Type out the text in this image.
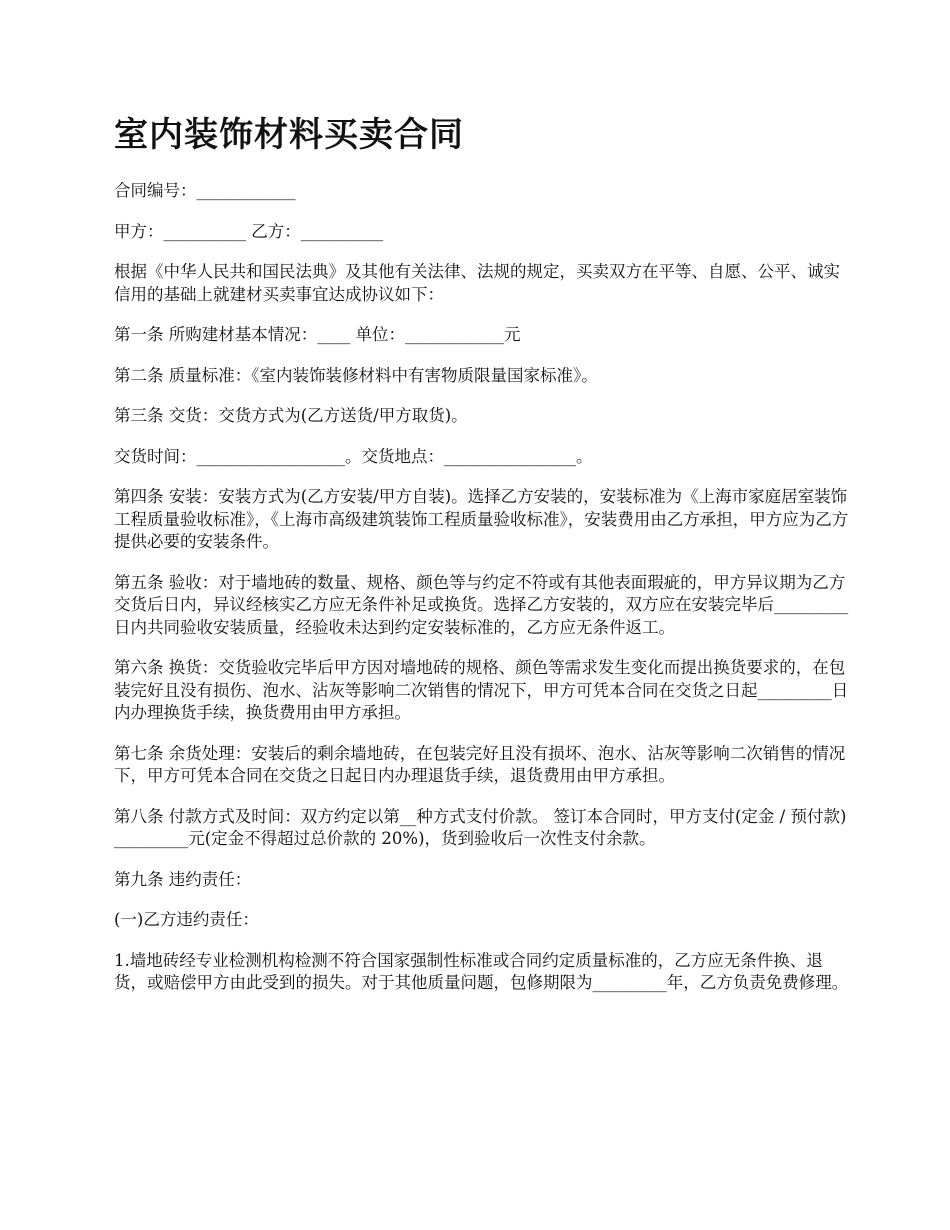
室内装饰材料买卖合同

合同编号：____________

甲方：__________ 乙方：__________

根据《中华人民共和国民法典》及其他有关法律、法规的规定，买卖双方在平等、自愿、公平、诚实信用的基础上就建材买卖事宜达成协议如下：

第一条 所购建材基本情况：____ 单位：____________元

第二条 质量标准：《室内装饰装修材料中有害物质限量国家标准》。

第三条 交货：交货方式为(乙方送货/甲方取货)。

交货时间：__________________。交货地点：________________。

第四条 安装：安装方式为(乙方安装/甲方自装)。选择乙方安装的，安装标准为《上海市家庭居室装饰工程质量验收标准》，《上海市高级建筑装饰工程质量验收标准》，安装费用由乙方承担，甲方应为乙方提供必要的安装条件。

第五条 验收：对于墙地砖的数量、规格、颜色等与约定不符或有其他表面瑕疵的，甲方异议期为乙方交货后日内，异议经核实乙方应无条件补足或换货。选择乙方安装的，双方应在安装完毕后_________日内共同验收安装质量，经验收未达到约定安装标准的，乙方应无条件返工。

第六条 换货：交货验收完毕后甲方因对墙地砖的规格、颜色等需求发生变化而提出换货要求的，在包装完好且没有损伤、泡水、沾灰等影响二次销售的情况下，甲方可凭本合同在交货之日起_________日内办理换货手续，换货费用由甲方承担。

第七条 余货处理：安装后的剩余墙地砖，在包装完好且没有损坏、泡水、沾灰等影响二次销售的情况下，甲方可凭本合同在交货之日起日内办理退货手续，退货费用由甲方承担。

第八条 付款方式及时间：双方约定以第__种方式支付价款。 签订本合同时，甲方支付(定金 / 预付款)_________元(定金不得超过总价款的 20%)，货到验收后一次性支付余款。

第九条 违约责任：

(一)乙方违约责任：

1.墙地砖经专业检测机构检测不符合国家强制性标准或合同约定质量标准的，乙方应无条件换、退货，或赔偿甲方由此受到的损失。对于其他质量问题，包修期限为_________年，乙方负责免费修理。
